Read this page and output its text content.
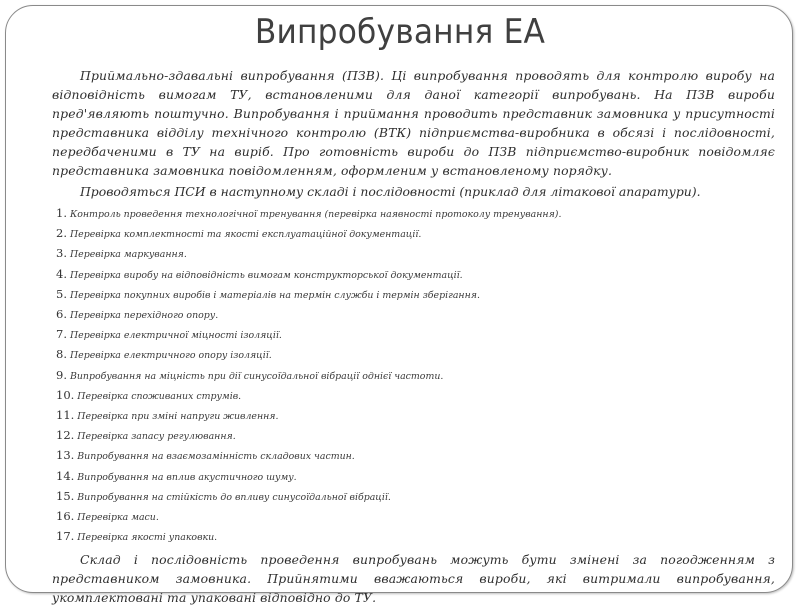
Випробування ЕА

Приймально-здавальні випробування (ПЗВ). Ці випробування проводять для контролю виробу на відповідність вимогам ТУ, встановленими для даної категорії випробувань. На ПЗВ вироби пред'являють поштучно. Випробування і приймання проводить представник замовника у присутності представника відділу технічного контролю (ВТК) підприємства-виробника в обсязі і послідовності, передбаченими в ТУ на виріб. Про готовність вироби до ПЗВ підприємство-виробник повідомляє представника замовника повідомленням, оформленим у встановленому порядку.

Проводяться ПСИ в наступному складі і послідовності (приклад для літакової апаратури).

1. Контроль проведення технологічної тренування (перевірка наявності протоколу тренування).
2. Перевірка комплектності та якості експлуатаційної документації.
3. Перевірка маркування.
4. Перевірка виробу на відповідність вимогам конструкторської документації.
5. Перевірка покупних виробів і матеріалів на термін служби і термін зберігання.
6. Перевірка перехідного опору.
7. Перевірка електричної міцності ізоляції.
8. Перевірка електричного опору ізоляції.
9. Випробування на міцність при дії синусоїдальної вібрації однієї частоти.
10. Перевірка споживаних струмів.
11. Перевірка при зміні напруги живлення.
12. Перевірка запасу регулювання.
13. Випробування на взаємозамінність складових частин.
14. Випробування на вплив акустичного шуму.
15. Випробування на стійкість до впливу синусоїдальної вібрації.
16. Перевірка маси.
17. Перевірка якості упаковки.

Склад і послідовність проведення випробувань можуть бути змінені за погодженням з представником замовника. Прийнятими вважаються вироби, які витримали випробування, укомплектовані та упаковані відповідно до ТУ.
